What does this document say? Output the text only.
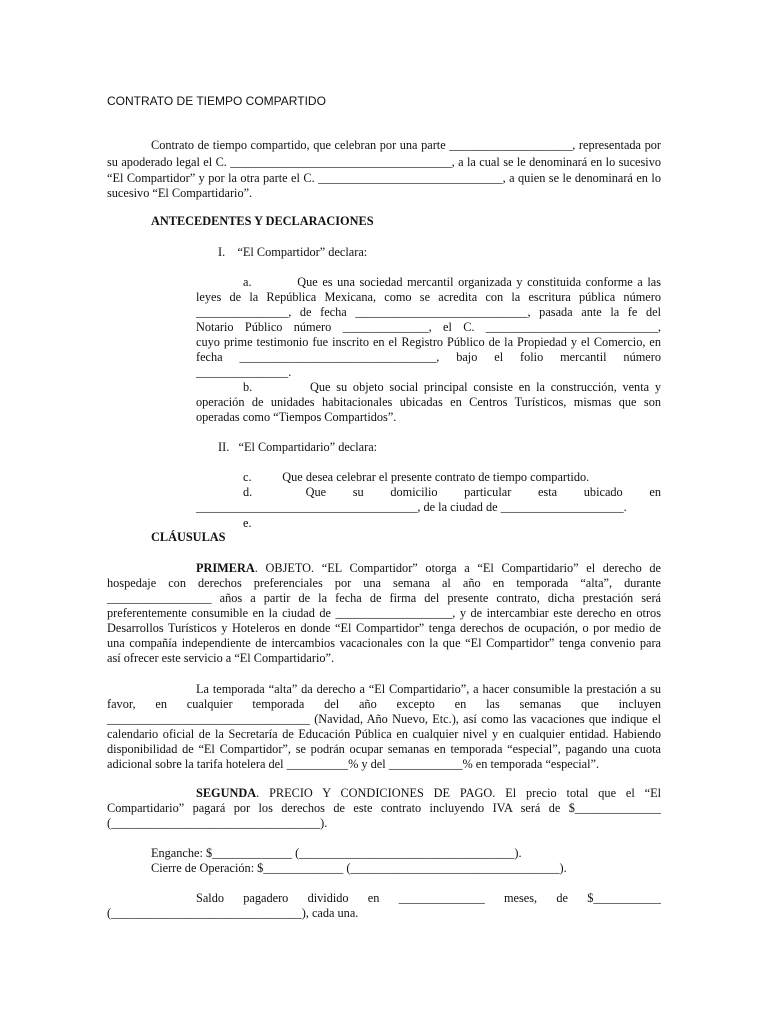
CONTRATO DE TIEMPO COMPARTIDO
Contrato de tiempo compartido, que celebran por una parte ____________________, representada por
su apoderado legal el C. ____________________________________, a la cual se le denominará en lo sucesivo
“El Compartidor” y por la otra parte el C. ______________________________, a quien se le denominará en lo
sucesivo “El Compartidario”.
ANTECEDENTES Y DECLARACIONES
I.    “El Compartidor” declara:
a.          Que es una sociedad mercantil organizada y constituida conforme a las
leyes de la República Mexicana, como se acredita con la escritura pública número
_______________, de fecha ____________________________, pasada ante la fe del
Notario Público número ______________, el C. ____________________________,
cuyo prime testimonio fue inscrito en el Registro Público de la Propiedad y el Comercio, en
fecha ________________________________, bajo el folio mercantil número
_______________.
b.          Que su objeto social principal consiste en la construcción, venta y
operación de unidades habitacionales ubicadas en Centros Turísticos, mismas que son
operadas como “Tiempos Compartidos”.
II.   “El Compartidario” declara:
c.          Que desea celebrar el presente contrato de tiempo compartido.
d.          Que     su     domicilio     particular     esta     ubicado     en
____________________________________, de la ciudad de ____________________.
e.
CLÁUSULAS
PRIMERA . OBJETO. “EL Compartidor” otorga a “El Compartidario” el derecho de
hospedaje con derechos preferenciales por una semana al año en temporada “alta”, durante
_________________ años a partir de la fecha de firma del presente contrato, dicha prestación será
preferentemente consumible en la ciudad de ___________________, y de intercambiar este derecho en otros
Desarrollos Turísticos y Hoteleros en donde “El Compartidor” tenga derechos de ocupación, o por medio de
una compañía independiente de intercambios vacacionales con la que “El Compartidor” tenga convenio para
así ofrecer este servicio a “El Compartidario”.
La temporada “alta” da derecho a “El Compartidario”, a hacer consumible la prestación a su
favor, en cualquier temporada del año excepto en las semanas que incluyen
_________________________________ (Navidad, Año Nuevo, Etc.), así como las vacaciones que indique el
calendario oficial de la Secretaría de Educación Pública en cualquier nivel y en cualquier entidad. Habiendo
disponibilidad de “El Compartidor”, se podrán ocupar semanas en temporada “especial”, pagando una cuota
adicional sobre la tarifa hotelera del __________% y del ____________% en temporada “especial”.
SEGUNDA . PRECIO Y CONDICIONES DE PAGO. El precio total que el “El
Compartidario” pagará por los derechos de este contrato incluyendo IVA será de $______________
(__________________________________).
Enganche: $_____________ (___________________________________).
Cierre de Operación: $_____________ (__________________________________).
Saldo     pagadero     dividido     en     ______________     meses,     de     $___________
(_______________________________), cada una.
